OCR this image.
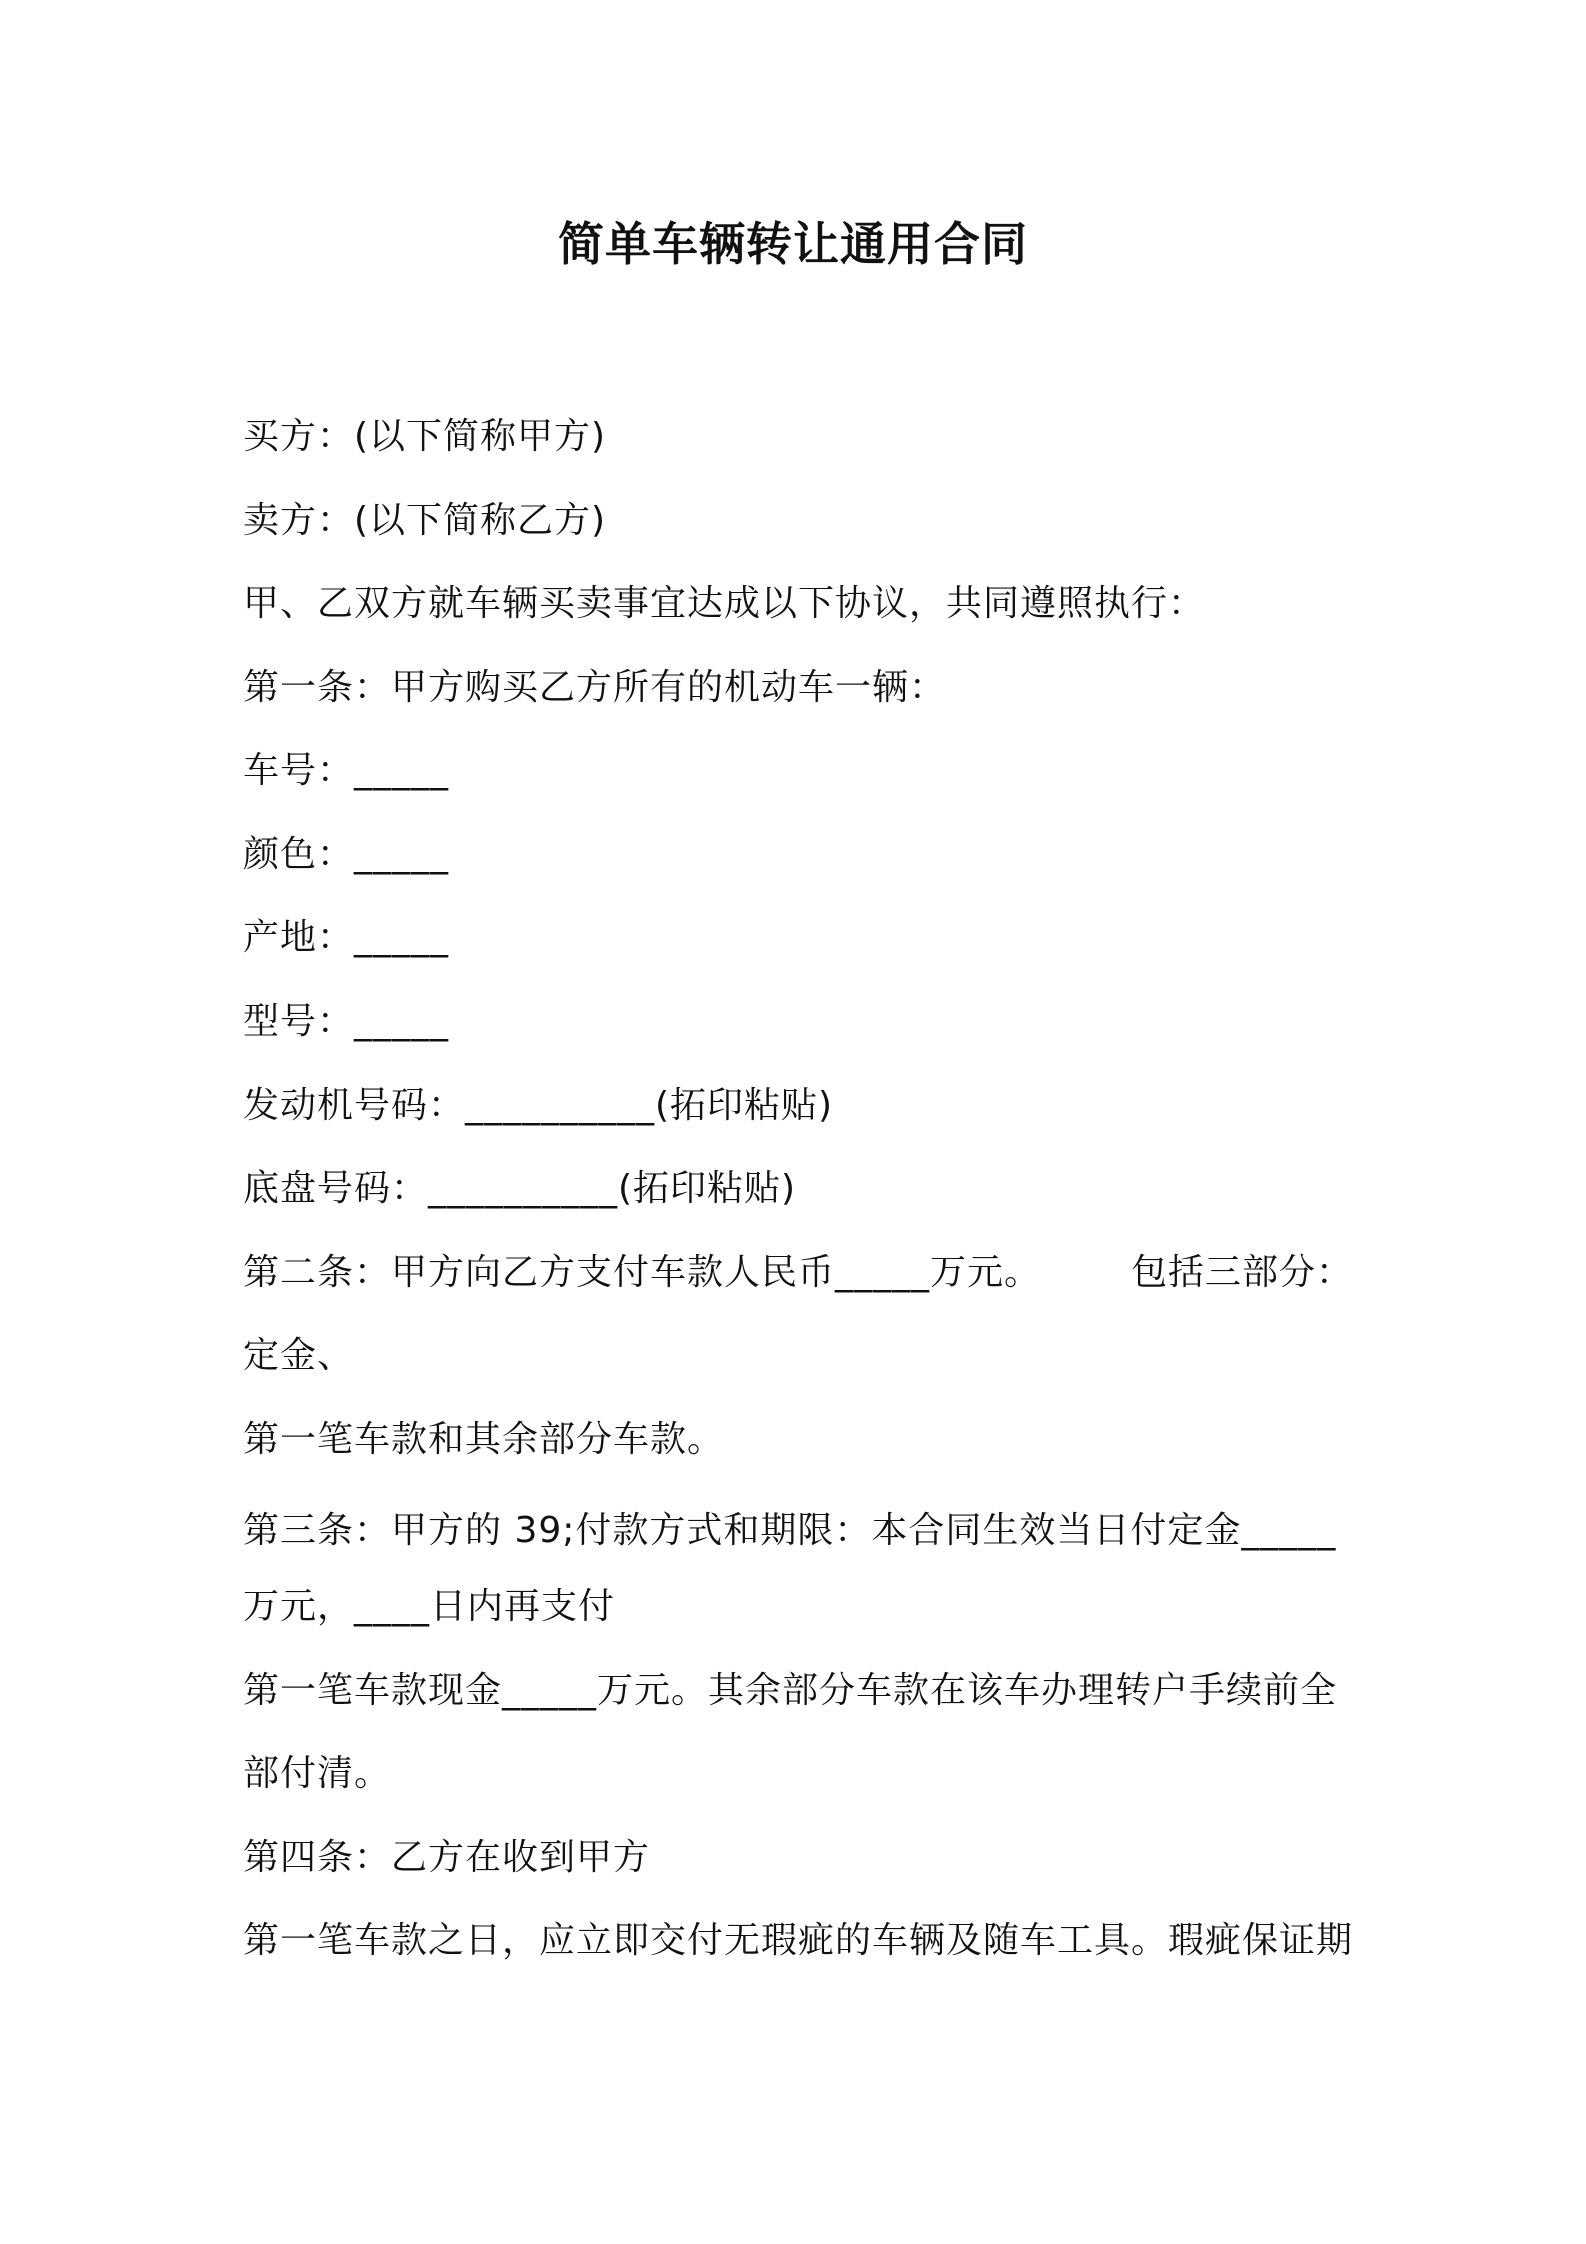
简单车辆转让通用合同
买方：(以下简称甲方)
卖方：(以下简称乙方)
甲、乙双方就车辆买卖事宜达成以下协议，共同遵照执行：
第一条：甲方购买乙方所有的机动车一辆：
车号：_____
颜色：_____
产地：_____
型号：_____
发动机号码：__________(拓印粘贴)
底盘号码：__________(拓印粘贴)
第二条：甲方向乙方支付车款人民币_____万元。	包括三部分：
定金、
第一笔车款和其余部分车款。
第三条：甲方的 39;付款方式和期限：本合同生效当日付定金_____
万元，____日内再支付
第一笔车款现金_____万元。其余部分车款在该车办理转户手续前全
部付清。
第四条：乙方在收到甲方
第一笔车款之日，应立即交付无瑕疵的车辆及随车工具。瑕疵保证期
